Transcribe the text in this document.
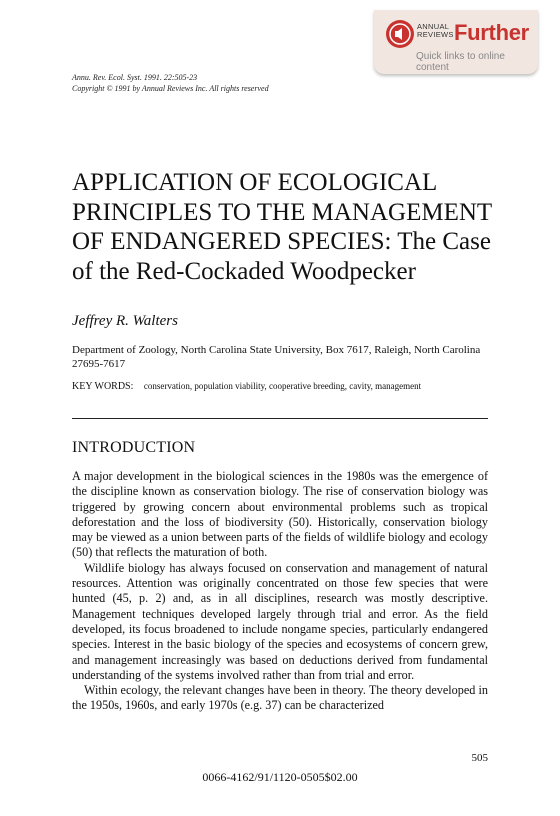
ANNUAL
REVIEWS Further
Quick links to online content
Annu. Rev. Ecol. Syst. 1991. 22:505-23
Copyright © 1991 by Annual Reviews Inc. All rights reserved
APPLICATION OF ECOLOGICAL PRINCIPLES TO THE MANAGEMENT OF ENDANGERED SPECIES: The Case of the Red-Cockaded Woodpecker
Jeffrey R. Walters
Department of Zoology, North Carolina State University, Box 7617, Raleigh, North Carolina 27695-7617
KEY WORDS: conservation, population viability, cooperative breeding, cavity, management
INTRODUCTION

A major development in the biological sciences in the 1980s was the emergence of the discipline known as conservation biology. The rise of conservation biology was triggered by growing concern about environmental problems such as tropical deforestation and the loss of biodiversity (50). Historically, conservation biology may be viewed as a union between parts of the fields of wildlife biology and ecology (50) that reflects the maturation of both.

Wildlife biology has always focused on conservation and management of natural resources. Attention was originally concentrated on those few species that were hunted (45, p. 2) and, as in all disciplines, research was mostly descriptive. Management techniques developed largely through trial and error. As the field developed, its focus broadened to include nongame species, particularly endangered species. Interest in the basic biology of the species and ecosystems of concern grew, and management increasingly was based on deductions derived from fundamental understanding of the systems involved rather than from trial and error.

Within ecology, the relevant changes have been in theory. The theory developed in the 1950s, 1960s, and early 1970s (e.g. 37) can be characterized

505
0066-4162/91/1120-0505$02.00
